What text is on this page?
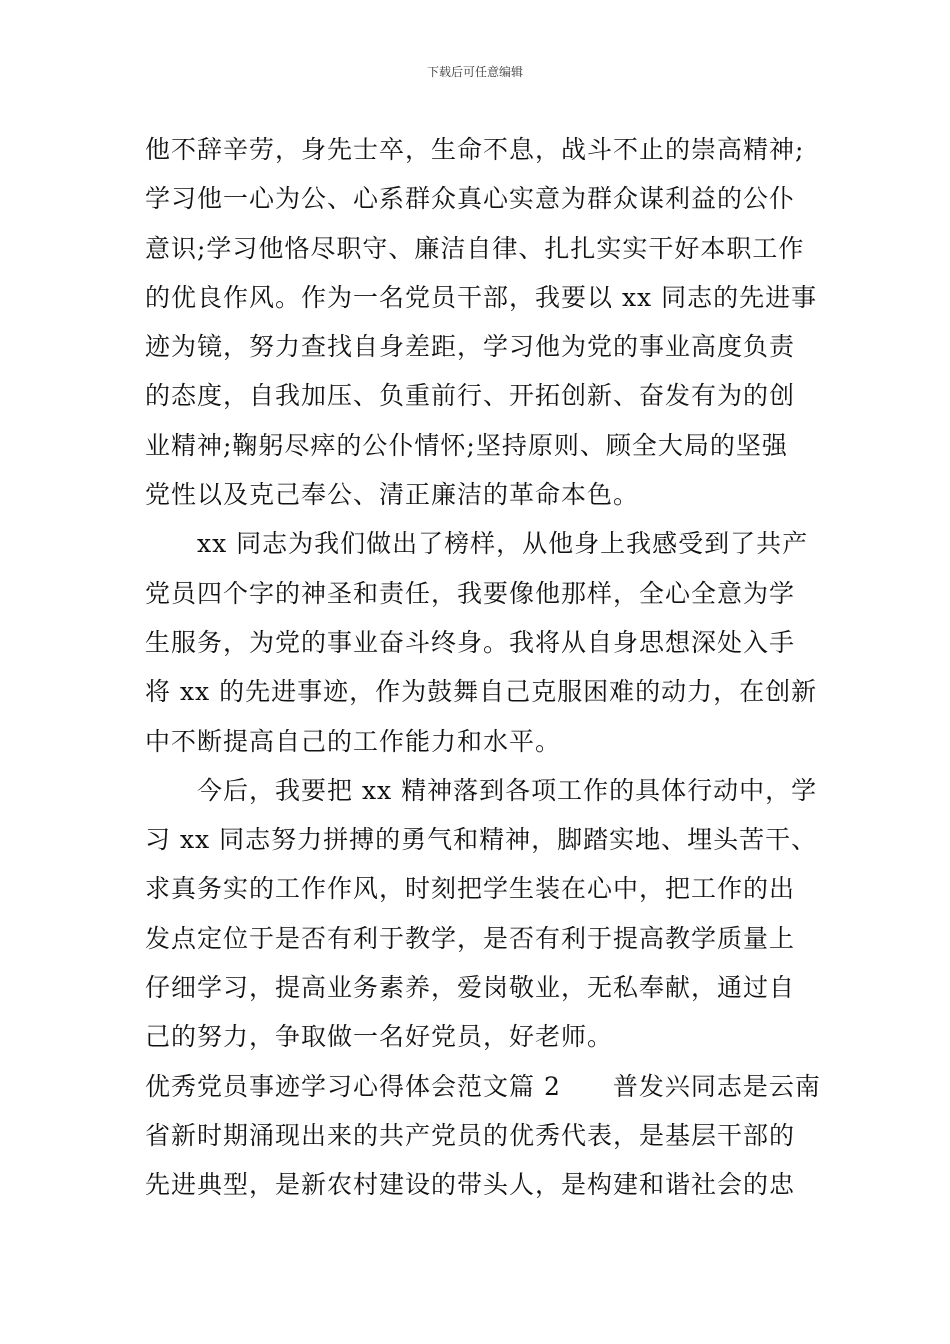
下载后可任意编辑
他不辞辛劳，身先士卒，生命不息，战斗不止的崇高精神;
学习他一心为公、心系群众真心实意为群众谋利益的公仆
意识;学习他恪尽职守、廉洁自律、扎扎实实干好本职工作
的优良作风。作为一名党员干部，我要以 xx 同志的先进事
迹为镜，努力查找自身差距，学习他为党的事业高度负责
的态度，自我加压、负重前行、开拓创新、奋发有为的创
业精神;鞠躬尽瘁的公仆情怀;坚持原则、顾全大局的坚强
党性以及克己奉公、清正廉洁的革命本色。
xx 同志为我们做出了榜样，从他身上我感受到了共产
党员四个字的神圣和责任，我要像他那样，全心全意为学
生服务，为党的事业奋斗终身。我将从自身思想深处入手
将 xx 的先进事迹，作为鼓舞自己克服困难的动力，在创新
中不断提高自己的工作能力和水平。
今后，我要把 xx 精神落到各项工作的具体行动中，学
习 xx 同志努力拼搏的勇气和精神，脚踏实地、埋头苦干、
求真务实的工作作风，时刻把学生装在心中，把工作的出
发点定位于是否有利于教学，是否有利于提高教学质量上
仔细学习，提高业务素养，爱岗敬业，无私奉献，通过自
己的努力，争取做一名好党员，好老师。
优秀党员事迹学习心得体会范文篇 2　　普发兴同志是云南
省新时期涌现出来的共产党员的优秀代表，是基层干部的
先进典型，是新农村建设的带头人，是构建和谐社会的忠
